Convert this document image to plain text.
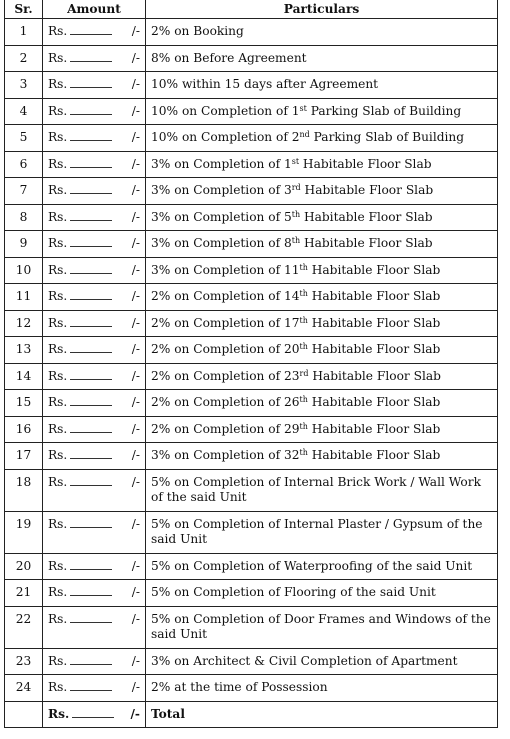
Sr.	Amount	Particulars
1	Rs. /-	2% on Booking
2	Rs. /-	8% on Before Agreement
3	Rs. /-	10% within 15 days after Agreement
4	Rs. /-	10% on Completion of 1st Parking Slab of Building
5	Rs. /-	10% on Completion of 2nd Parking Slab of Building
6	Rs. /-	3% on Completion of 1st Habitable Floor Slab
7	Rs. /-	3% on Completion of 3rd Habitable Floor Slab
8	Rs. /-	3% on Completion of 5th Habitable Floor Slab
9	Rs. /-	3% on Completion of 8th Habitable Floor Slab
10	Rs. /-	3% on Completion of 11th Habitable Floor Slab
11	Rs. /-	2% on Completion of 14th Habitable Floor Slab
12	Rs. /-	2% on Completion of 17th Habitable Floor Slab
13	Rs. /-	2% on Completion of 20th Habitable Floor Slab
14	Rs. /-	2% on Completion of 23rd Habitable Floor Slab
15	Rs. /-	2% on Completion of 26th Habitable Floor Slab
16	Rs. /-	2% on Completion of 29th Habitable Floor Slab
17	Rs. /-	3% on Completion of 32th Habitable Floor Slab
18	Rs. /-	5% on Completion of Internal Brick Work / Wall Work of the said Unit
19	Rs. /-	5% on Completion of Internal Plaster / Gypsum of the said Unit
20	Rs. /-	5% on Completion of Waterproofing of the said Unit
21	Rs. /-	5% on Completion of Flooring of the said Unit
22	Rs. /-	5% on Completion of Door Frames and Windows of the said Unit
23	Rs. /-	3% on Architect & Civil Completion of Apartment
24	Rs. /-	2% at the time of Possession

	Rs. /-	Total
